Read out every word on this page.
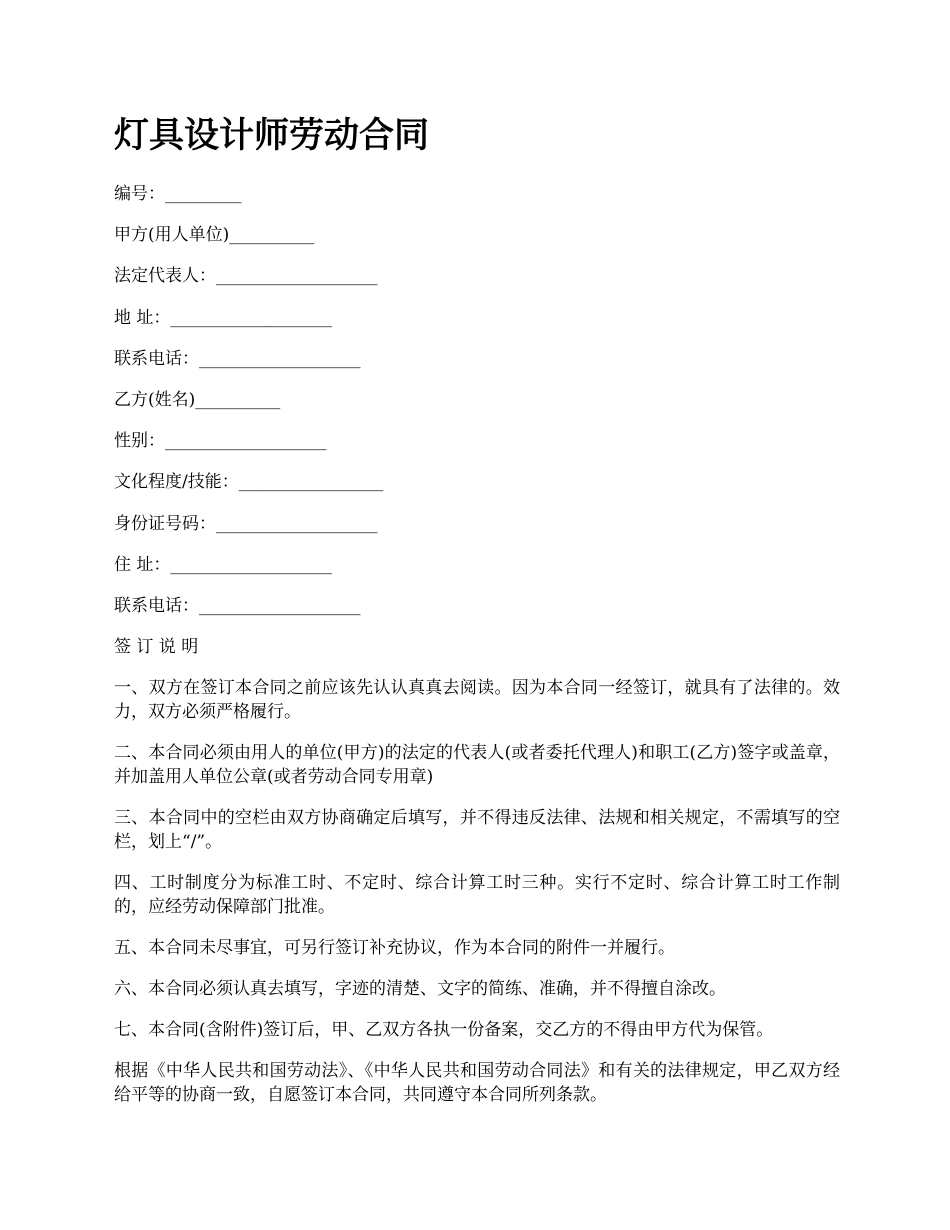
灯具设计师劳动合同
编号：_________
甲方(用人单位)__________
法定代表人：___________________
地 址：___________________
联系电话：___________________
乙方(姓名)__________
性别：___________________
文化程度/技能：_________________
身份证号码：___________________
住 址：___________________
联系电话：___________________
签 订 说 明

一、双方在签订本合同之前应该先认认真真去阅读。因为本合同一经签订，就具有了法律的。效力，双方必须严格履行。

二、本合同必须由用人的单位(甲方)的法定的代表人(或者委托代理人)和职工(乙方)签字或盖章，并加盖用人单位公章(或者劳动合同专用章)

三、本合同中的空栏由双方协商确定后填写，并不得违反法律、法规和相关规定，不需填写的空栏，划上“/”。

四、工时制度分为标准工时、不定时、综合计算工时三种。实行不定时、综合计算工时工作制的，应经劳动保障部门批准。

五、本合同未尽事宜，可另行签订补充协议，作为本合同的附件一并履行。

六、本合同必须认真去填写，字迹的清楚、文字的简练、准确，并不得擅自涂改。

七、本合同(含附件)签订后，甲、乙双方各执一份备案，交乙方的不得由甲方代为保管。

根据《中华人民共和国劳动法》、《中华人民共和国劳动合同法》和有关的法律规定，甲乙双方经给平等的协商一致，自愿签订本合同，共同遵守本合同所列条款。
